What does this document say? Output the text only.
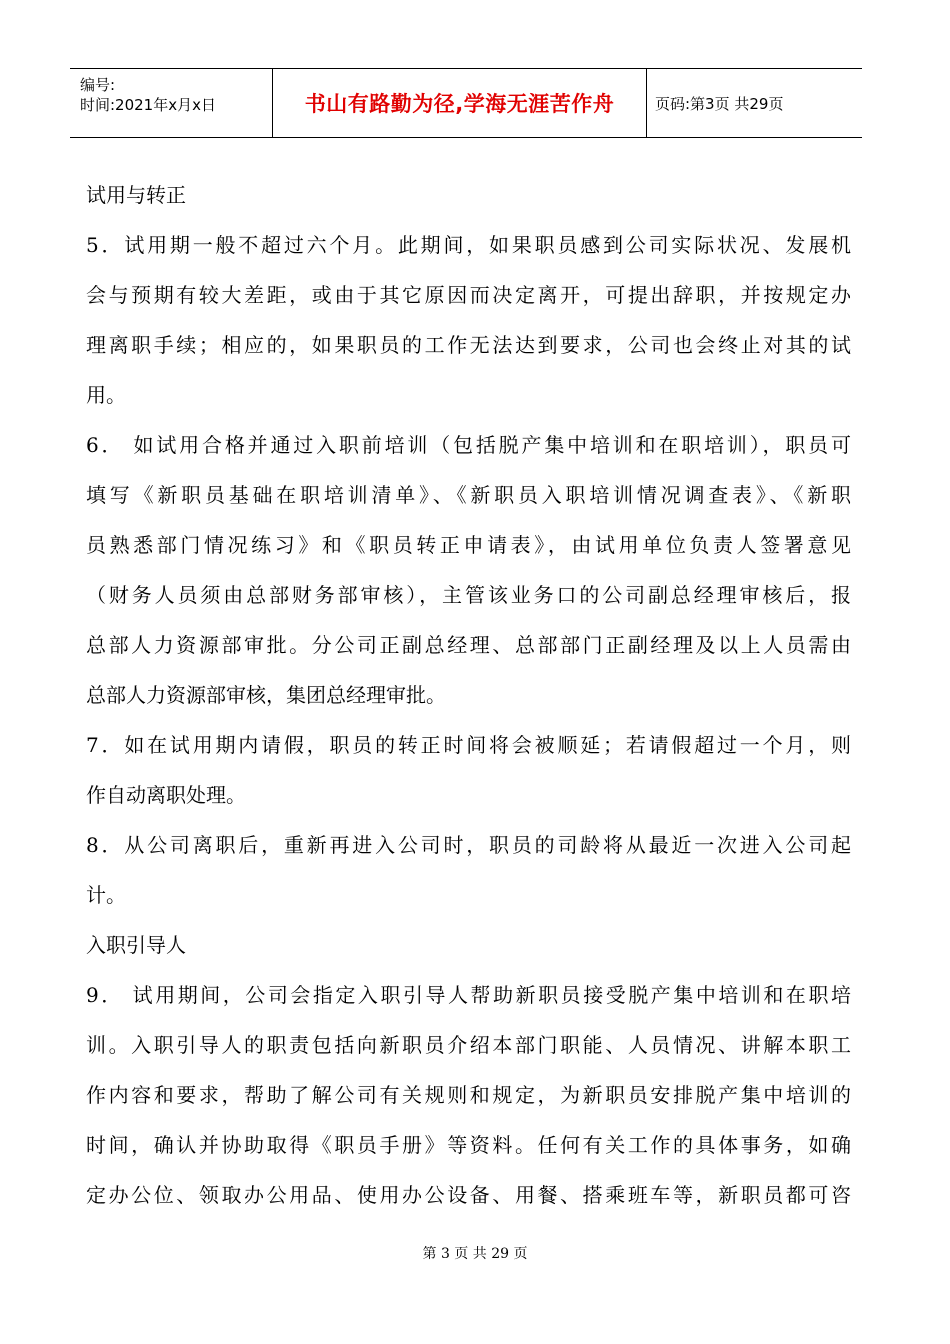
编号:
时间:2021年x月x日	书山有路勤为径,学海无涯苦作舟	页码:第3页 共29页
试用与转正
5．试用期一般不超过六个月。此期间，如果职员感到公司实际状况、发展机
会与预期有较大差距，或由于其它原因而决定离开，可提出辞职，并按规定办
理离职手续；相应的，如果职员的工作无法达到要求，公司也会终止对其的试
用。
6． 如试用合格并通过入职前培训（包括脱产集中培训和在职培训），职员可
填写《新职员基础在职培训清单》、《新职员入职培训情况调查表》、《新职
员熟悉部门情况练习》和《职员转正申请表》，由试用单位负责人签署意见
（财务人员须由总部财务部审核），主管该业务口的公司副总经理审核后，报
总部人力资源部审批。分公司正副总经理、总部部门正副经理及以上人员需由
总部人力资源部审核，集团总经理审批。
7．如在试用期内请假，职员的转正时间将会被顺延；若请假超过一个月，则
作自动离职处理。
8．从公司离职后，重新再进入公司时，职员的司龄将从最近一次进入公司起
计。
入职引导人
9． 试用期间，公司会指定入职引导人帮助新职员接受脱产集中培训和在职培
训。入职引导人的职责包括向新职员介绍本部门职能、人员情况、讲解本职工
作内容和要求，帮助了解公司有关规则和规定，为新职员安排脱产集中培训的
时间，确认并协助取得《职员手册》等资料。任何有关工作的具体事务，如确
定办公位、领取办公用品、使用办公设备、用餐、搭乘班车等，新职员都可咨
第 3 页 共 29 页
